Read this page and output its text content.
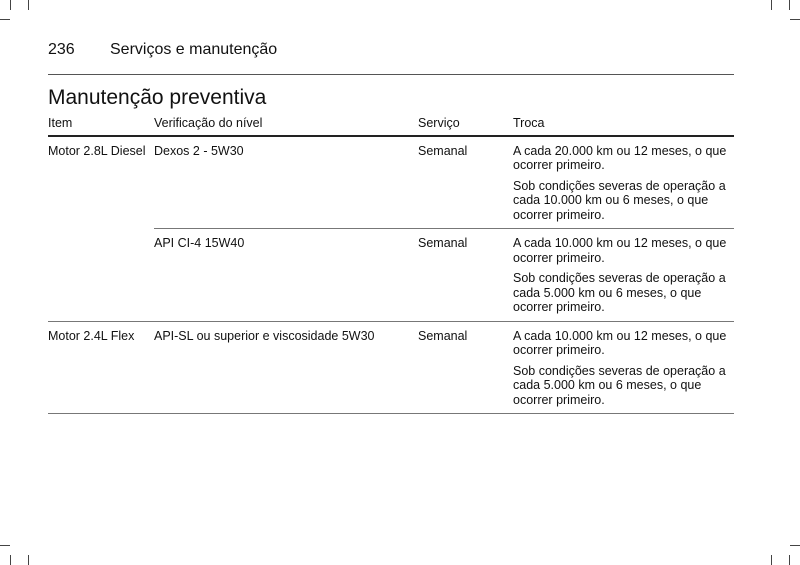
236 Serviços e manutenção
Manutenção preventiva
Item	Verificação do nível	Serviço	Troca
Motor 2.8L Diesel	Dexos 2 - 5W30	Semanal	A cada 20.000 km ou 12 meses, o que ocorrer primeiro.

Sob condições severas de operação a cada 10.000 km ou 6 meses, o que ocorrer primeiro.

	API CI-4 15W40	Semanal	A cada 10.000 km ou 12 meses, o que ocorrer primeiro.

Sob condições severas de operação a cada 5.000 km ou 6 meses, o que ocorrer primeiro.

Motor 2.4L Flex	API-SL ou superior e viscosidade 5W30	Semanal	A cada 10.000 km ou 12 meses, o que ocorrer primeiro.

Sob condições severas de operação a cada 5.000 km ou 6 meses, o que ocorrer primeiro.
